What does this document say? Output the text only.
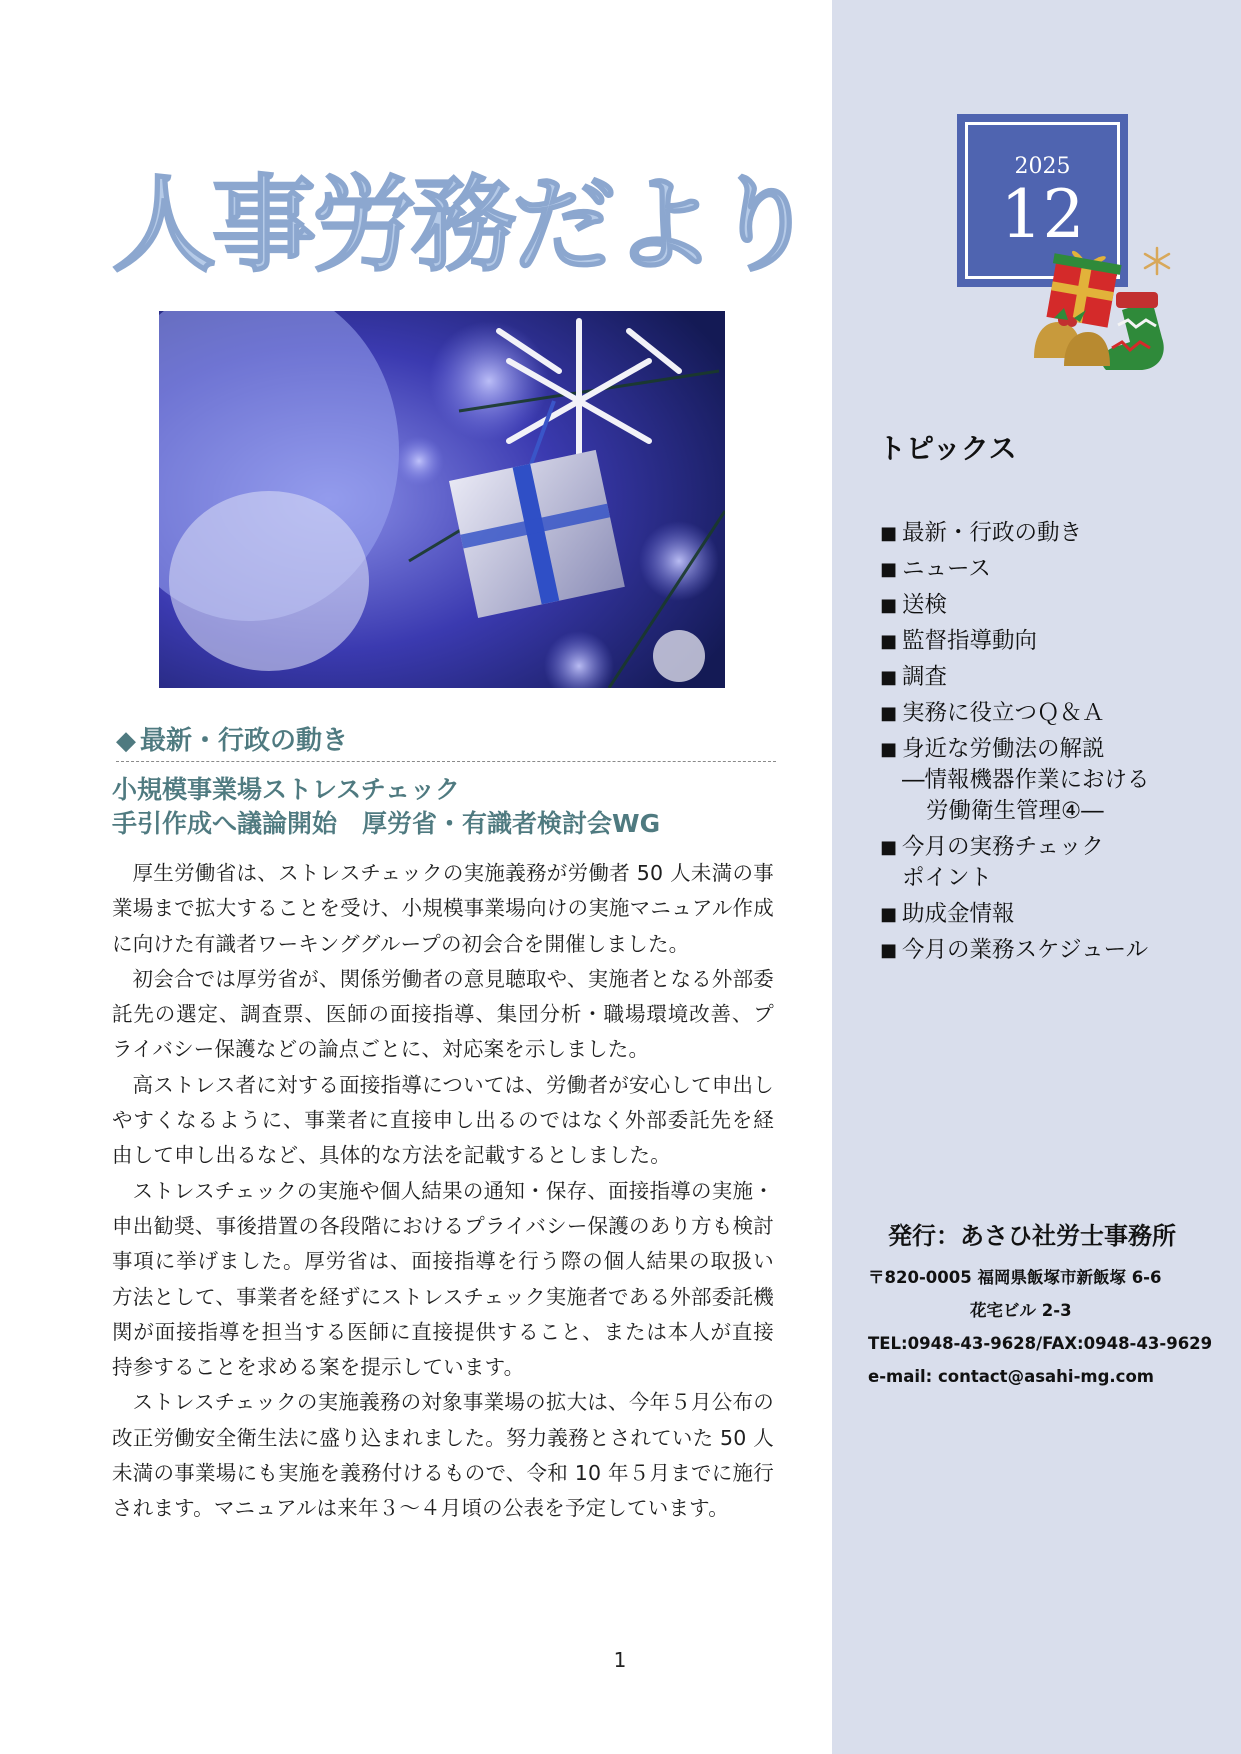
人事労務だより
◆ 最新・行政の動き
小規模事業場ストレスチェック
手引作成へ議論開始　厚労省・有識者検討会WG

厚生労働省は、ストレスチェックの実施義務が労働者 50 人未満の事業場まで拡大することを受け、小規模事業場向けの実施マニュアル作成に向けた有識者ワーキンググループの初会合を開催しました。

初会合では厚労省が、関係労働者の意見聴取や、実施者となる外部委託先の選定、調査票、医師の面接指導、集団分析・職場環境改善、プライバシー保護などの論点ごとに、対応案を示しました。

高ストレス者に対する面接指導については、労働者が安心して申出しやすくなるように、事業者に直接申し出るのではなく外部委託先を経由して申し出るなど、具体的な方法を記載するとしました。

ストレスチェックの実施や個人結果の通知・保存、面接指導の実施・申出勧奨、事後措置の各段階におけるプライバシー保護のあり方も検討事項に挙げました。厚労省は、面接指導を行う際の個人結果の取扱い方法として、事業者を経ずにストレスチェック実施者である外部委託機関が面接指導を担当する医師に直接提供すること、または本人が直接持参することを求める案を提示しています。

ストレスチェックの実施義務の対象事業場の拡大は、今年５月公布の改正労働安全衛生法に盛り込まれました。努力義務とされていた 50 人未満の事業場にも実施を義務付けるもので、令和 10 年５月までに施行されます。マニュアルは来年３～４月頃の公表を予定しています。

1
2025
12
トピックス
■ 最新・行政の動き
■ ニュース
■ 送検
■ 監督指導動向
■ 調査
■ 実務に役立つＱ＆Ａ
■ 身近な労働法の解説
―情報機器作業における
労働衛生管理④―
■ 今月の実務チェック
ポイント
■ 助成金情報
■ 今月の業務スケジュール
発行：あさひ社労士事務所
〒820-0005 福岡県飯塚市新飯塚 6-6
花宅ビル 2-3
TEL:0948-43-9628/FAX:0948-43-9629
e-mail: contact@asahi-mg.com
